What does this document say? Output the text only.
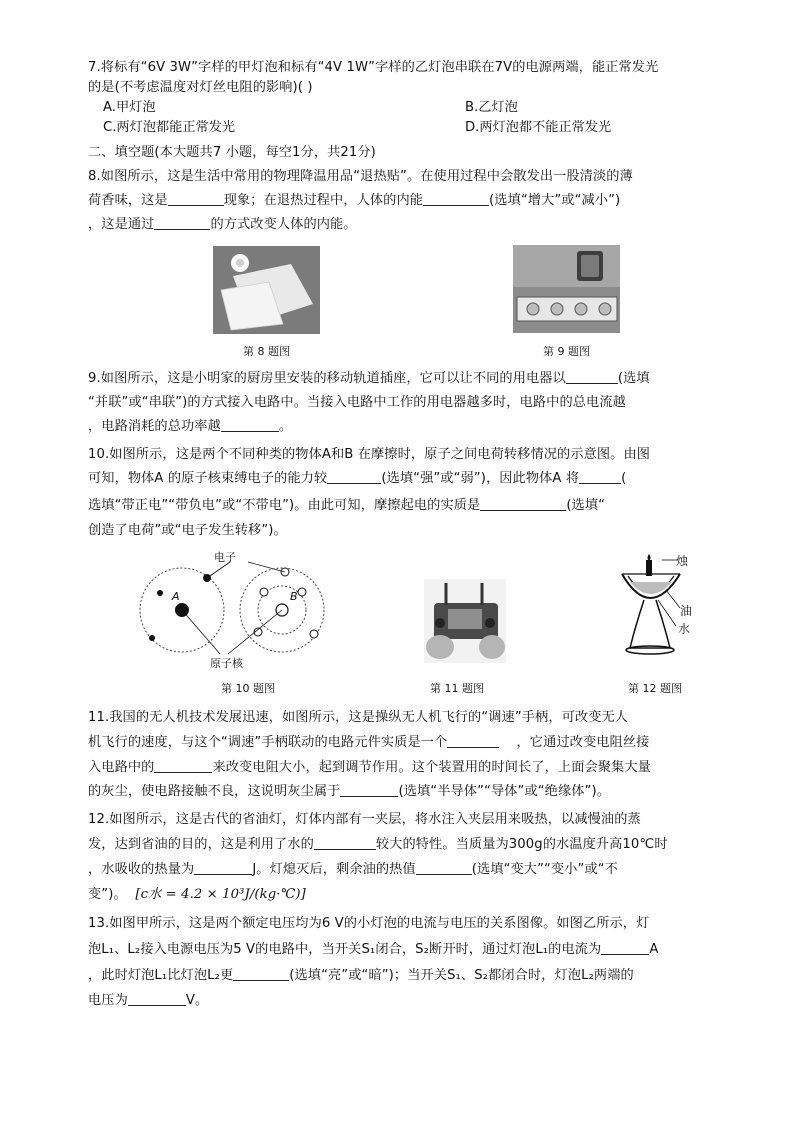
7.将标有“6V 3W”字样的甲灯泡和标有“4V 1W”字样的乙灯泡串联在7V的电源两端，能正常发光
的是(不考虑温度对灯丝电阻的影响)( )
A.甲灯泡	B.乙灯泡
C.两灯泡都能正常发光	D.两灯泡都不能正常发光
二、填空题(本大题共7 小题，每空1分，共21分)
8.如图所示，这是生活中常用的物理降温用品“退热贴”。在使用过程中会散发出一股清淡的薄
荷香味，这是	现象；在退热过程中，人体的内能	(选填“增大”或“减小”)
，这是通过	的方式改变人体的内能。
第 8 题图	第 9 题图
9.如图所示，这是小明家的厨房里安装的移动轨道插座，它可以让不同的用电器以	(选填
“并联”或“串联”)的方式接入电路中。当接入电路中工作的用电器越多时，电路中的总电流越
，电路消耗的总功率越	。
10.如图所示，这是两个不同种类的物体A和B 在摩擦时，原子之间电荷转移情况的示意图。由图
可知，物体A 的原子核束缚电子的能力较	(选填“强”或“弱”)，因此物体A 将	(
选填“带正电”“带负电”或“不带电”)。由此可知，摩擦起电的实质是	(选填“
创造了电荷”或“电子发生转移”)。
电子
原子核
A	B
第 10 题图	第 11 题图
烛
油
水
第 12 题图
11.我国的无人机技术发展迅速，如图所示，这是操纵无人机飞行的“调速”手柄，可改变无人
机飞行的速度，与这个“调速”手柄联动的电路元件实质是一个	，它通过改变电阻丝接
入电路中的	来改变电阻大小，起到调节作用。这个装置用的时间长了，上面会聚集大量
的灰尘，使电路接触不良，这说明灰尘属于	(选填“半导体”“导体”或“绝缘体”)。
12.如图所示，这是古代的省油灯，灯体内部有一夹层，将水注入夹层用来吸热，以减慢油的蒸
发，达到省油的目的，这是利用了水的	较大的特性。当质量为300g的水温度升高10℃时
，水吸收的热量为	J。灯熄灭后，剩余油的热值	(选填“变大”“变小”或“不
变”)。 [c水 = 4.2 × 10³J/(kg·℃)]
13.如图甲所示，这是两个额定电压均为6 V的小灯泡的电流与电压的关系图像。如图乙所示，灯
泡L₁、L₂接入电源电压为5 V的电路中，当开关S₁闭合，S₂断开时，通过灯泡L₁的电流为	A
，此时灯泡L₁比灯泡L₂更	(选填“亮”或“暗”)；当开关S₁、S₂都闭合时，灯泡L₂两端的
电压为	V。
